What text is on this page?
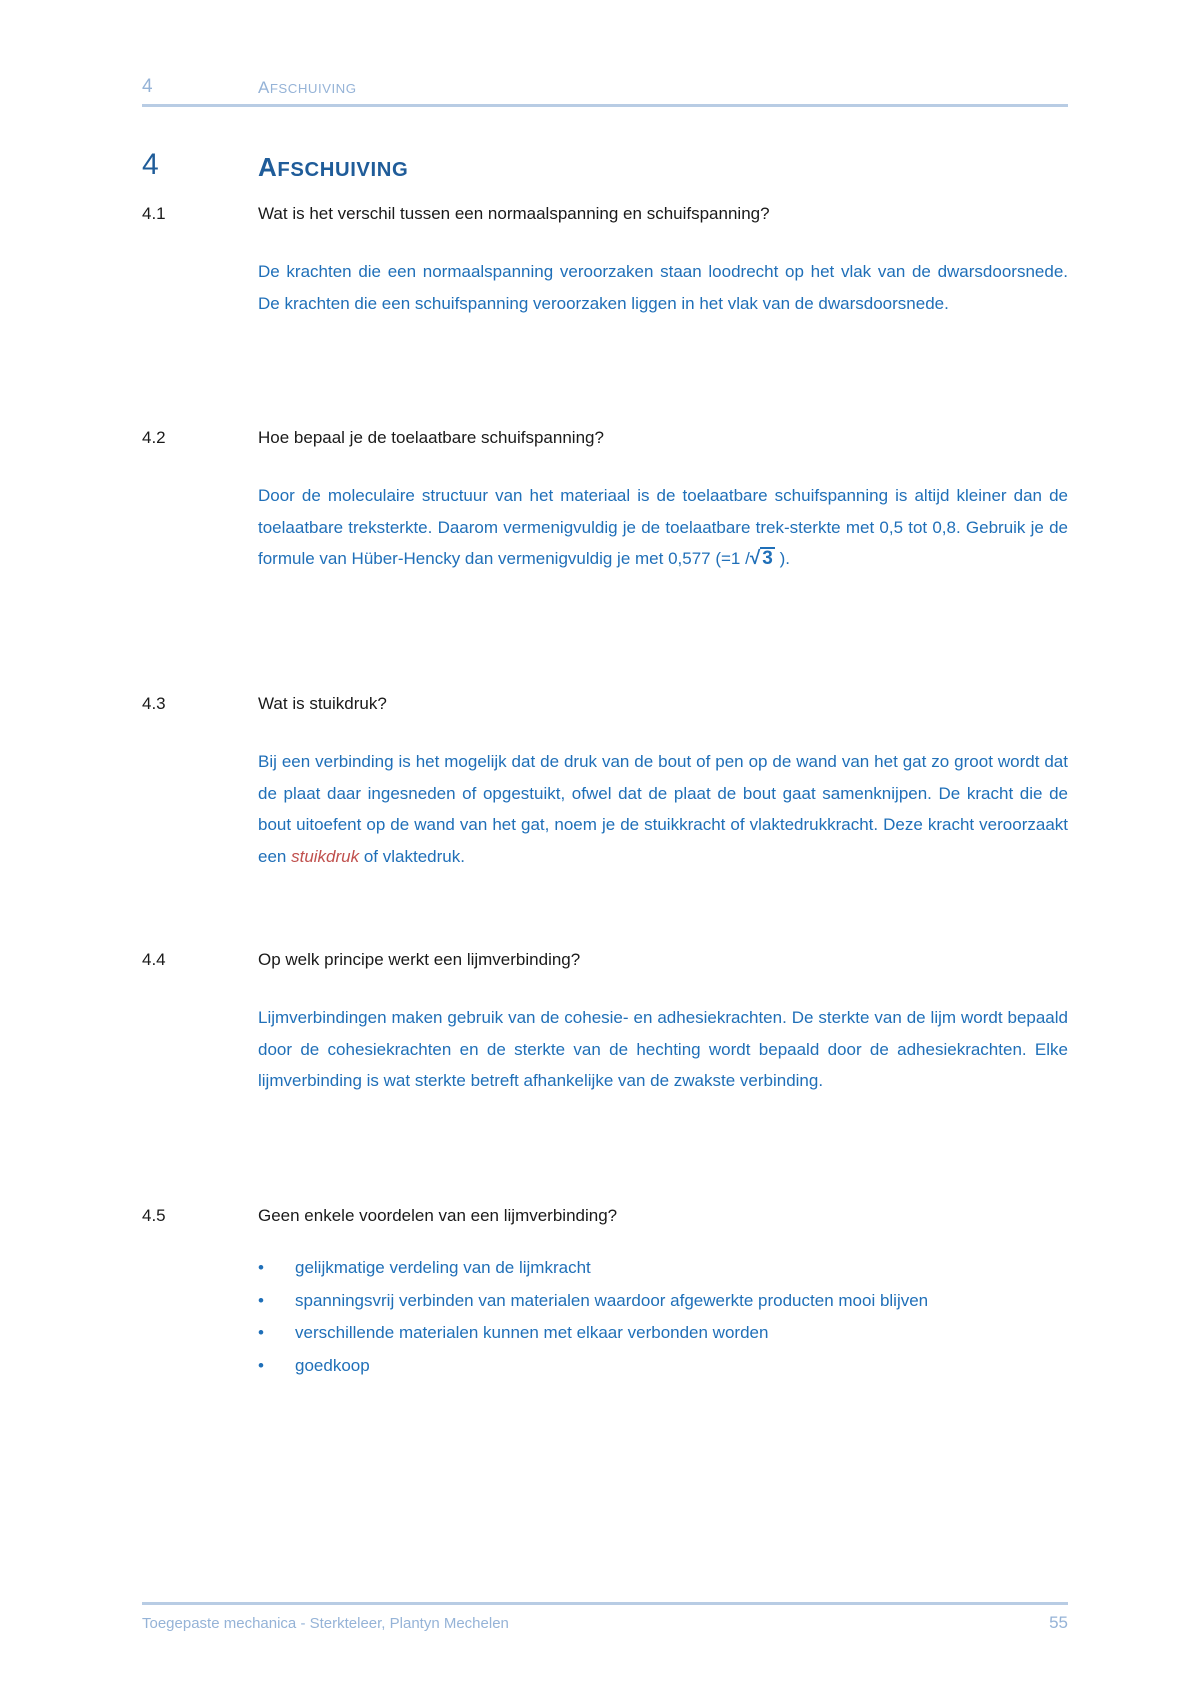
4	AFSCHUIVING
4	AFSCHUIVING
4.1	Wat is het verschil tussen een normaalspanning en schuifspanning?
De krachten die een normaalspanning veroorzaken staan loodrecht op het vlak van de dwarsdoorsnede. De krachten die een schuifspanning veroorzaken liggen in het vlak van de dwarsdoorsnede.
4.2	Hoe bepaal je de toelaatbare schuifspanning?
Door de moleculaire structuur van het materiaal is de toelaatbare schuifspanning is altijd kleiner dan de toelaatbare treksterkte. Daarom vermenigvuldig je de toelaatbare trek-sterkte met 0,5 tot 0,8. Gebruik je de formule van Hüber-Hencky dan vermenigvuldig je met 0,577 (=1 /√ 3 ).
4.3	Wat is stuikdruk?
Bij een verbinding is het mogelijk dat de druk van de bout of pen op de wand van het gat zo groot wordt dat de plaat daar ingesneden of opgestuikt, ofwel dat de plaat de bout gaat samenknijpen. De kracht die de bout uitoefent op de wand van het gat, noem je de stuikkracht of vlaktedrukkracht. Deze kracht veroorzaakt een stuikdruk of vlaktedruk.
4.4	Op welk principe werkt een lijmverbinding?
Lijmverbindingen maken gebruik van de cohesie- en adhesiekrachten. De sterkte van de lijm wordt bepaald door de cohesiekrachten en de sterkte van de hechting wordt bepaald door de adhesiekrachten. Elke lijmverbinding is wat sterkte betreft afhankelijke van de zwakste verbinding.
4.5	Geen enkele voordelen van een lijmverbinding?
• gelijkmatige verdeling van de lijmkracht
• spanningsvrij verbinden van materialen waardoor afgewerkte producten mooi blijven
• verschillende materialen kunnen met elkaar verbonden worden
• goedkoop
Toegepaste mechanica - Sterkteleer, Plantyn Mechelen	55
